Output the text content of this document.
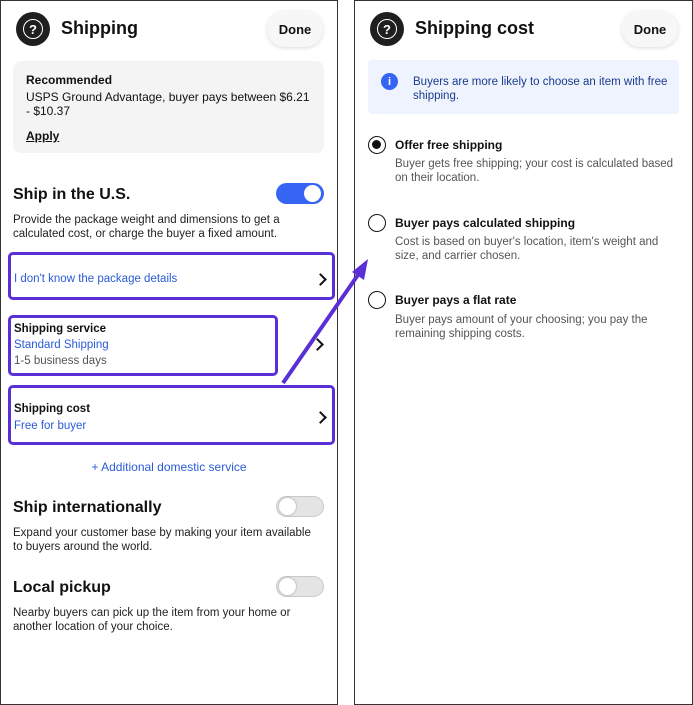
?	Shipping	Done
Recommended
USPS Ground Advantage, buyer pays between $6.21 - $10.37
Apply
Ship in the U.S.
Provide the package weight and dimensions to get a calculated cost, or charge the buyer a fixed amount.
I don't know the package details
Shipping service
Standard Shipping
1-5 business days
Shipping cost
Free for buyer
+ Additional domestic service
Ship internationally
Expand your customer base by making your item available to buyers around the world.
Local pickup
Nearby buyers can pick up the item from your home or another location of your choice.
?	Shipping cost	Done
i	Buyers are more likely to choose an item with free shipping.
Offer free shipping
Buyer gets free shipping; your cost is calculated based on their location.
Buyer pays calculated shipping
Cost is based on buyer's location, item's weight and size, and carrier chosen.
Buyer pays a flat rate
Buyer pays amount of your choosing; you pay the remaining shipping costs.
